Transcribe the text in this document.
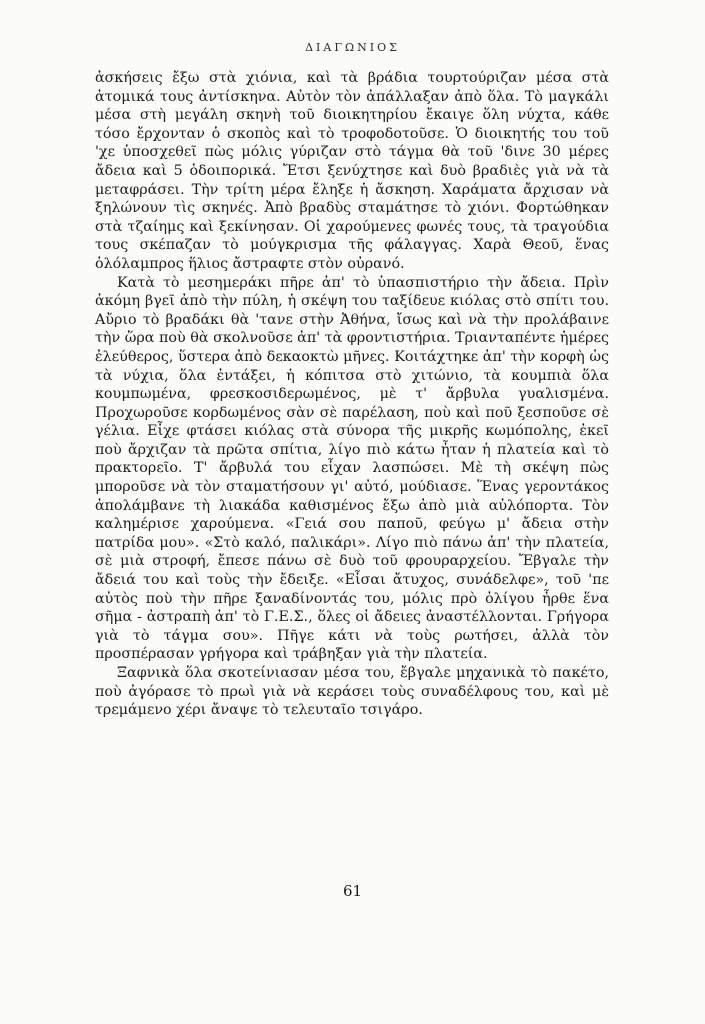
ΔΙΑΓΩΝΙΟΣ

ἀσκήσεις ἔξω στὰ χιόνια, καὶ τὰ βράδια τουρτούριζαν μέσα στὰ ἀτομικά τους ἀντίσκηνα. Αὐτὸν τὸν ἀπάλλαξαν ἀπὸ ὅλα. Τὸ μαγκάλι μέσα στὴ μεγάλη σκηνὴ τοῦ διοικητηρίου ἔκαιγε ὅλη νύχτα, κάθε τόσο ἔρχονταν ὁ σκοπὸς καὶ τὸ τροφοδοτοῦσε. Ὁ διοικητής του τοῦ 'χε ὑποσχεθεῖ πὼς μόλις γύριζαν στὸ τάγμα θὰ τοῦ 'δινε 30 μέρες ἄδεια καὶ 5 ὁδοιπορικά. Ἔτσι ξενύχτησε καὶ δυὸ βραδιὲς γιὰ νὰ τὰ μεταφράσει. Τὴν τρίτη μέρα ἔληξε ἡ ἄσκηση. Χαράματα ἄρχισαν νὰ ξηλώνουν τὶς σκηνές. Ἀπὸ βραδὺς σταμάτησε τὸ χιόνι. Φορτώθηκαν στὰ τζαίημς καὶ ξεκίνησαν. Οἱ χαρούμενες φωνές τους, τὰ τραγούδια τους σκέπαζαν τὸ μούγκρισμα τῆς φάλαγγας. Χαρὰ Θεοῦ, ἕνας ὁλόλαμπρος ἥλιος ἄστραφτε στὸν οὐρανό.

Κατὰ τὸ μεσημεράκι πῆρε ἀπ' τὸ ὑπασπιστήριο τὴν ἄδεια. Πρὶν ἀκόμη βγεῖ ἀπὸ τὴν πύλη, ἡ σκέψη του ταξίδευε κιόλας στὸ σπίτι του. Αὔριο τὸ βραδάκι θὰ 'τανε στὴν Ἀθήνα, ἴσως καὶ νὰ τὴν προλάβαινε τὴν ὥρα ποὺ θὰ σκολνοῦσε ἀπ' τὰ φροντιστήρια. Τριανταπέντε ἡμέρες ἐλεύθερος, ὕστερα ἀπὸ δεκαοκτὼ μῆνες. Κοιτάχτηκε ἀπ' τὴν κορφὴ ὡς τὰ νύχια, ὅλα ἐντάξει, ἡ κόπιτσα στὸ χιτώνιο, τὰ κουμπιὰ ὅλα κουμπωμένα, φρεσκοσιδερωμένος, μὲ τ' ἄρβυλα γυαλισμένα. Προχωροῦσε κορδωμένος σὰν σὲ παρέλαση, ποὺ καὶ ποῦ ξεσποῦσε σὲ γέλια. Εἶχε φτάσει κιόλας στὰ σύνορα τῆς μικρῆς κωμόπολης, ἐκεῖ ποὺ ἄρχιζαν τὰ πρῶτα σπίτια, λίγο πιὸ κάτω ἦταν ἡ πλατεία καὶ τὸ πρακτορεῖο. Τ' ἄρβυλά του εἶχαν λασπώσει. Μὲ τὴ σκέψη πὼς μποροῦσε νὰ τὸν σταματήσουν γι' αὐτό, μούδιασε. Ἕνας γεροντάκος ἀπολάμβανε τὴ λιακάδα καθισμένος ἔξω ἀπὸ μιὰ αὐλόπορτα. Τὸν καλημέρισε χαρούμενα. «Γειά σου παποῦ, φεύγω μ' ἄδεια στὴν πατρίδα μου». «Στὸ καλό, παλικάρι». Λίγο πιὸ πάνω ἀπ' τὴν πλατεία, σὲ μιὰ στροφή, ἔπεσε πάνω σὲ δυὸ τοῦ φρουραρχείου. Ἔβγαλε τὴν ἄδειά του καὶ τοὺς τὴν ἔδειξε. «Εἶσαι ἄτυχος, συνάδελφε», τοῦ 'πε αὐτὸς ποὺ τὴν πῆρε ξαναδίνοντάς του, μόλις πρὸ ὀλίγου ἦρθε ἕνα σῆμα - ἀστραπὴ ἀπ' τὸ Γ.Ε.Σ., ὅλες οἱ ἄδειες ἀναστέλλονται. Γρήγορα γιὰ τὸ τάγμα σου». Πῆγε κάτι νὰ τοὺς ρωτήσει, ἀλλὰ τὸν προσπέρασαν γρήγορα καὶ τράβηξαν γιὰ τὴν πλατεία.

Ξαφνικὰ ὅλα σκοτείνιασαν μέσα του, ἔβγαλε μηχανικὰ τὸ πακέτο, ποὺ ἀγόρασε τὸ πρωὶ γιὰ νὰ κεράσει τοὺς συναδέλφους του, καὶ μὲ τρεμάμενο χέρι ἄναψε τὸ τελευταῖο τσιγάρο.

61
